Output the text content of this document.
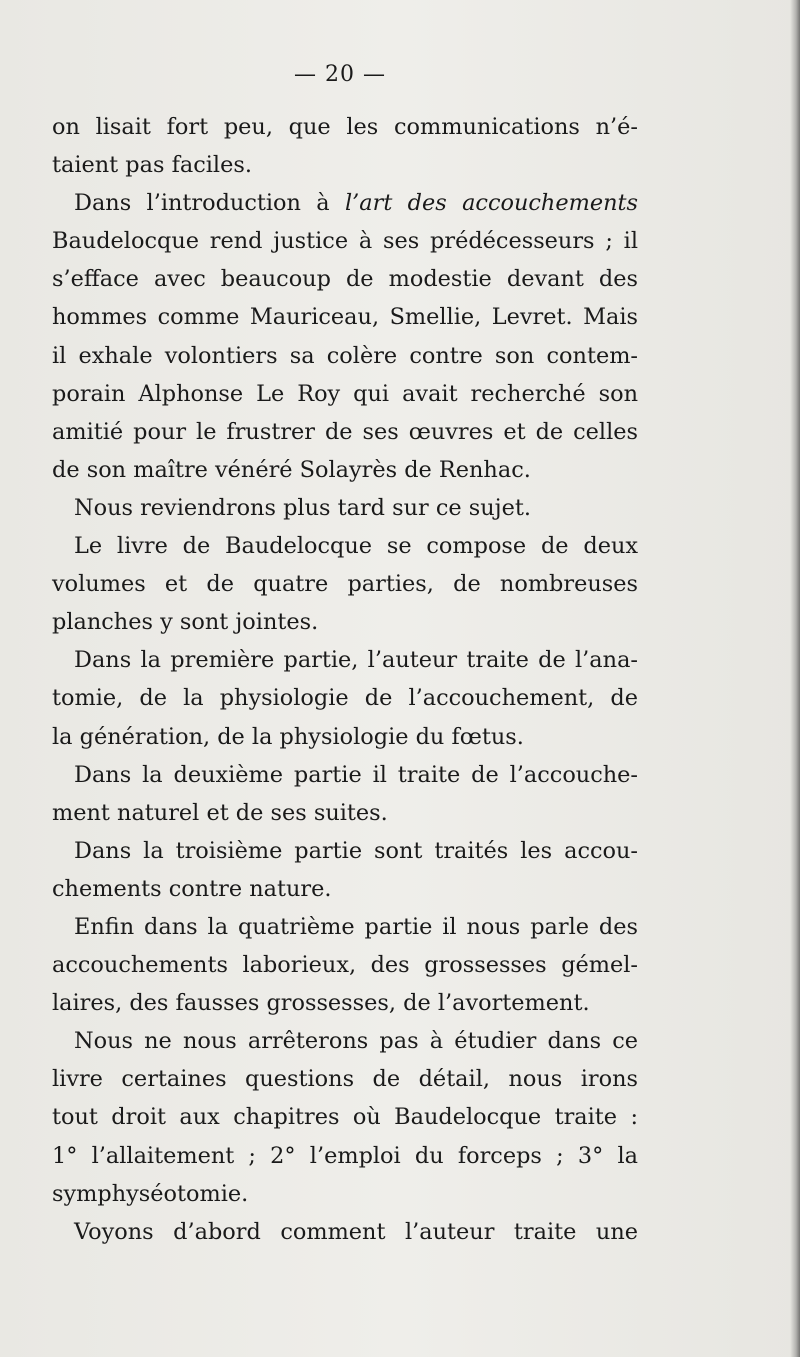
— 20 —
on lisait fort peu, que les communications n’é-
taient pas faciles.
Dans l’introduction à l’art des accouchements
Baudelocque rend justice à ses prédécesseurs ; il
s’efface avec beaucoup de modestie devant des
hommes comme Mauriceau, Smellie, Levret. Mais
il exhale volontiers sa colère contre son contem-
porain Alphonse Le Roy qui avait recherché son
amitié pour le frustrer de ses œuvres et de celles
de son maître vénéré Solayrès de Renhac.
Nous reviendrons plus tard sur ce sujet.
Le livre de Baudelocque se compose de deux
volumes et de quatre parties, de nombreuses
planches y sont jointes.
Dans la première partie, l’auteur traite de l’ana-
tomie, de la physiologie de l’accouchement, de
la génération, de la physiologie du fœtus.
Dans la deuxième partie il traite de l’accouche-
ment naturel et de ses suites.
Dans la troisième partie sont traités les accou-
chements contre nature.
Enfin dans la quatrième partie il nous parle des
accouchements laborieux, des grossesses gémel-
laires, des fausses grossesses, de l’avortement.
Nous ne nous arrêterons pas à étudier dans ce
livre certaines questions de détail, nous irons
tout droit aux chapitres où Baudelocque traite :
1° l’allaitement ; 2° l’emploi du forceps ; 3° la
symphyséotomie.
Voyons d’abord comment l’auteur traite une
